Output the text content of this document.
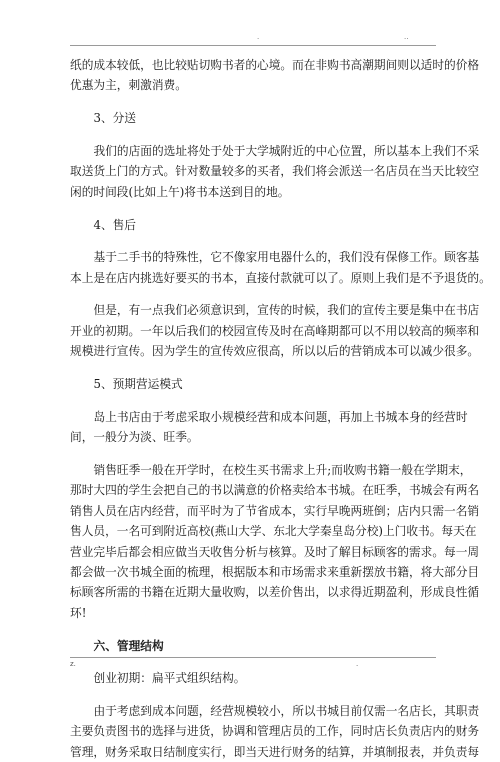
.	..
纸的成本较低，也比较贴切购书者的心境。而在非购书高潮期间则以适时的价格
优惠为主，刺激消费。
3、分送
我们的店面的选址将处于处于大学城附近的中心位置，所以基本上我们不采
取送货上门的方式。针对数量较多的买者，我们将会派送一名店员在当天比较空
闲的时间段(比如上午)将书本送到目的地。
4、售后
基于二手书的特殊性，它不像家用电器什么的，我们没有保修工作。顾客基
本上是在店内挑选好要买的书本，直接付款就可以了。原则上我们是不予退货的。
但是，有一点我们必须意识到，宣传的时候，我们的宣传主要是集中在书店
开业的初期。一年以后我们的校园宣传及时在高峰期都可以不用以较高的频率和
规模进行宣传。因为学生的宣传效应很高，所以以后的营销成本可以减少很多。
5、预期营运模式
岛上书店由于考虑采取小规模经营和成本问题，再加上书城本身的经营时
间，一般分为淡、旺季。
销售旺季一般在开学时，在校生买书需求上升;而收购书籍一般在学期末，
那时大四的学生会把自己的书以满意的价格卖给本书城。在旺季，书城会有两名
销售人员在店内经营，而平时为了节省成本，实行早晚两班倒；店内只需一名销
售人员，一名可到附近高校(燕山大学、东北大学秦皇岛分校)上门收书。每天在
营业完毕后都会相应做当天收售分析与核算。及时了解目标顾客的需求。每一周
都会做一次书城全面的梳理，根据版本和市场需求来重新摆放书籍，将大部分目
标顾客所需的书籍在近期大量收购，以差价售出，以求得近期盈利，形成良性循
环!
六、管理结构
创业初期：扁平式组织结构。
由于考虑到成本问题，经营规模较小，所以书城目前仅需一名店长，其职责
主要负责图书的选择与进货，协调和管理店员的工作，同时店长负责店内的财务
管理，财务采取日结制度实行，即当天进行财务的结算，并填制报表，并负责每
z.	.
